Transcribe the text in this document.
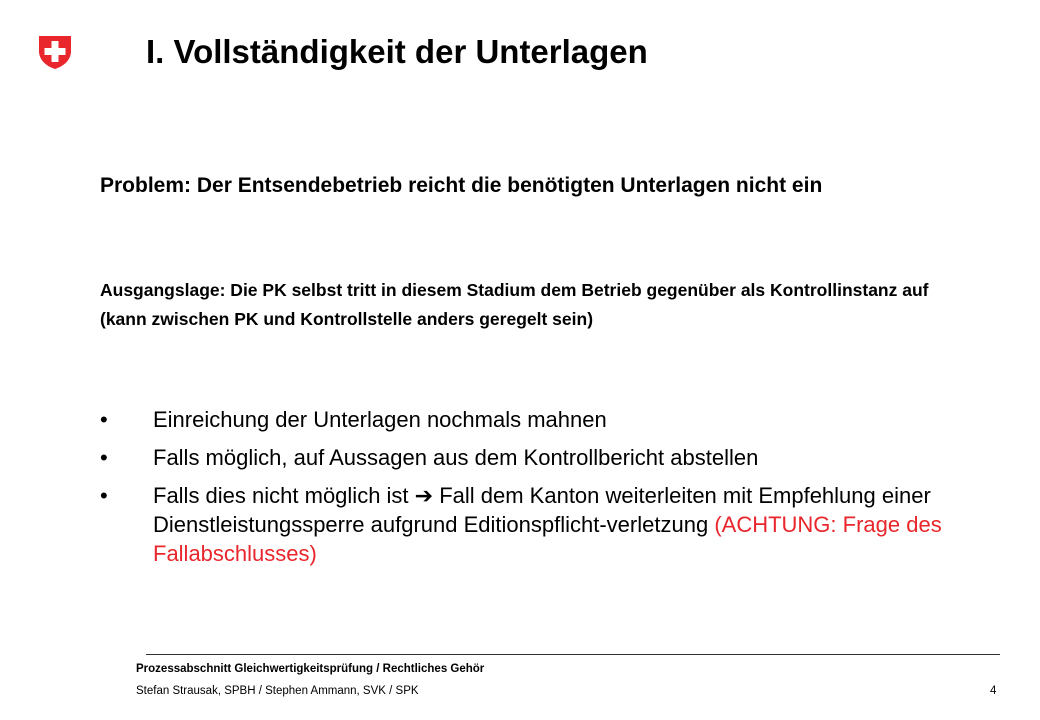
I. Vollständigkeit der Unterlagen

Problem: Der Entsendebetrieb reicht die benötigten Unterlagen nicht ein

Ausgangslage: Die PK selbst tritt in diesem Stadium dem Betrieb gegenüber als Kontrollinstanz auf (kann zwischen PK und Kontrollstelle anders geregelt sein)

• Einreichung der Unterlagen nochmals mahnen
• Falls möglich, auf Aussagen aus dem Kontrollbericht abstellen
• Falls dies nicht möglich ist ➔ Fall dem Kanton weiterleiten mit Empfehlung einer Dienstleistungssperre aufgrund Editionspflicht-verletzung (ACHTUNG: Frage des Fallabschlusses)

Prozessabschnitt Gleichwertigkeitsprüfung / Rechtliches Gehör

Stefan Strausak, SPBH / Stephen Ammann, SVK / SPK	4
